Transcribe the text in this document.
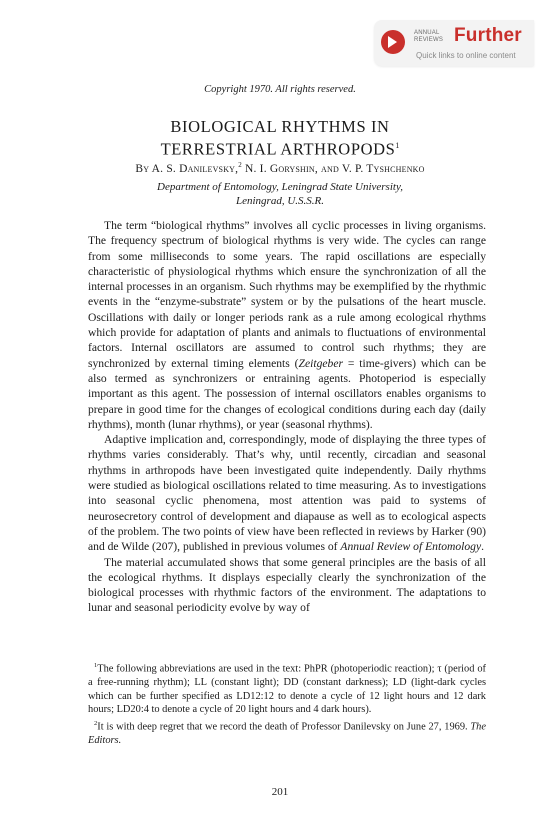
ANNUAL
REVIEWS Further
Quick links to online content
Copyright 1970. All rights reserved.
BIOLOGICAL RHYTHMS IN
TERRESTRIAL ARTHROPODS$^1$
By A. S. Danilevsky,$^2$ N. I. Goryshin, and V. P. Tyshchenko
Department of Entomology, Leningrad State University,
Leningrad, U.S.S.R.

The term “biological rhythms” involves all cyclic processes in living organisms. The frequency spectrum of biological rhythms is very wide. The cycles can range from some milliseconds to some years. The rapid oscillations are especially characteristic of physiological rhythms which ensure the synchronization of all the internal processes in an organism. Such rhythms may be exemplified by the rhythmic events in the “enzyme-substrate” system or by the pulsations of the heart muscle. Oscillations with daily or longer periods rank as a rule among ecological rhythms which provide for adaptation of plants and animals to fluctuations of environmental factors. Internal oscillators are assumed to control such rhythms; they are synchronized by external timing elements (Zeitgeber = time-givers) which can be also termed as synchronizers or entraining agents. Photoperiod is especially important as this agent. The possession of internal oscillators enables organisms to prepare in good time for the changes of ecological conditions during each day (daily rhythms), month (lunar rhythms), or year (seasonal rhythms).

Adaptive implication and, correspondingly, mode of displaying the three types of rhythms varies considerably. That’s why, until recently, circadian and seasonal rhythms in arthropods have been investigated quite independently. Daily rhythms were studied as biological oscillations related to time measuring. As to investigations into seasonal cyclic phenomena, most attention was paid to systems of neurosecretory control of development and diapause as well as to ecological aspects of the problem. The two points of view have been reflected in reviews by Harker (90) and de Wilde (207), published in previous volumes of Annual Review of Entomology.

The material accumulated shows that some general principles are the basis of all the ecological rhythms. It displays especially clearly the synchronization of the biological processes with rhythmic factors of the environment. The adaptations to lunar and seasonal periodicity evolve by way of

$^1$The following abbreviations are used in the text: PhPR (photoperiodic reaction); τ (period of a free-running rhythm); LL (constant light); DD (constant darkness); LD (light-dark cycles which can be further specified as LD12:12 to denote a cycle of 12 light hours and 12 dark hours; LD20:4 to denote a cycle of 20 light hours and 4 dark hours).

$^2$It is with deep regret that we record the death of Professor Danilevsky on June 27, 1969. The Editors.

201
